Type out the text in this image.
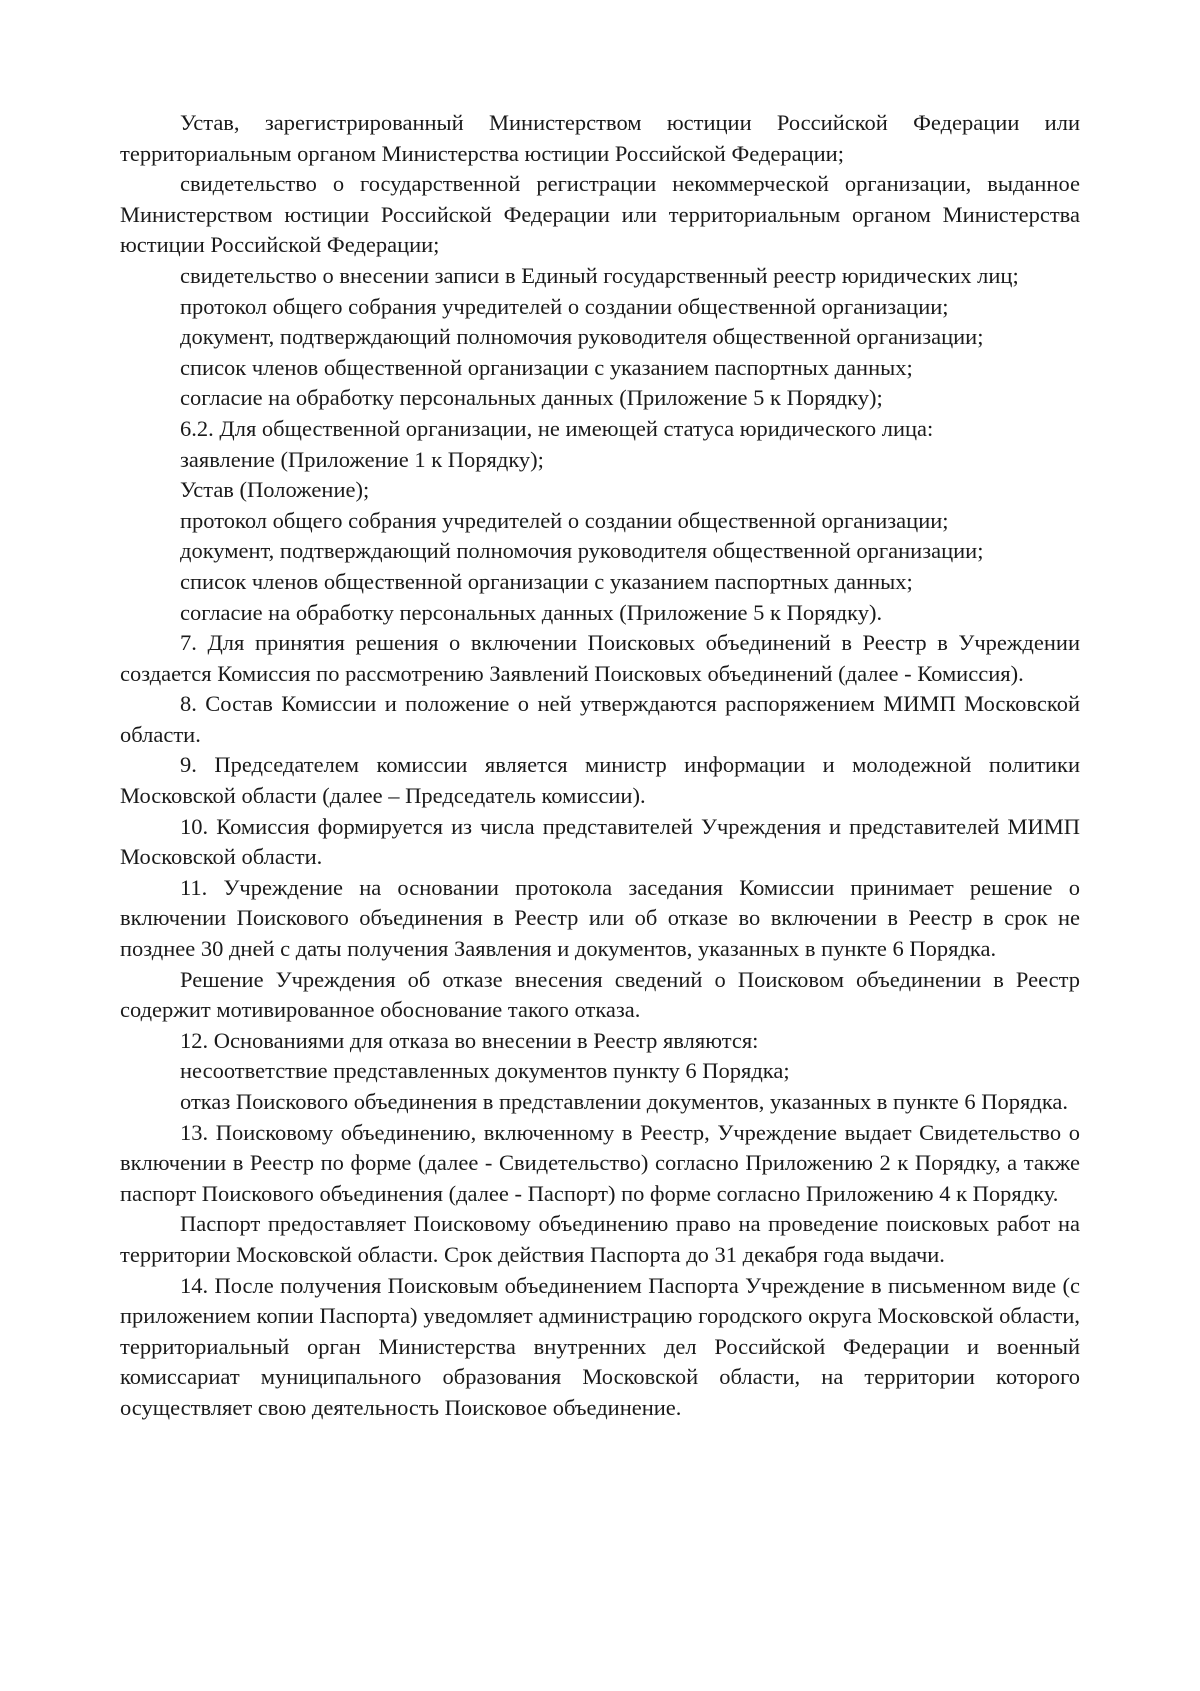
Устав, зарегистрированный Министерством юстиции Российской Федерации или территориальным органом Министерства юстиции Российской Федерации;

свидетельство о государственной регистрации некоммерческой организации, выданное Министерством юстиции Российской Федерации или территориальным органом Министерства юстиции Российской Федерации;

свидетельство о внесении записи в Единый государственный реестр юридических лиц;

протокол общего собрания учредителей о создании общественной организации;

документ, подтверждающий полномочия руководителя общественной организации;

список членов общественной организации с указанием паспортных данных;

согласие на обработку персональных данных (Приложение 5 к Порядку);

6.2. Для общественной организации, не имеющей статуса юридического лица:

заявление (Приложение 1 к Порядку);

Устав (Положение);

протокол общего собрания учредителей о создании общественной организации;

документ, подтверждающий полномочия руководителя общественной организации;

список членов общественной организации с указанием паспортных данных;

согласие на обработку персональных данных (Приложение 5 к Порядку).

7. Для принятия решения о включении Поисковых объединений в Реестр в Учреждении создается Комиссия по рассмотрению Заявлений Поисковых объединений (далее - Комиссия).

8. Состав Комиссии и положение о ней утверждаются распоряжением МИМП Московской области.

9. Председателем комиссии является министр информации и молодежной политики Московской области (далее – Председатель комиссии).

10. Комиссия формируется из числа представителей Учреждения и представителей МИМП Московской области.

11. Учреждение на основании протокола заседания Комиссии принимает решение о включении Поискового объединения в Реестр или об отказе во включении в Реестр в срок не позднее 30 дней с даты получения Заявления и документов, указанных в пункте 6 Порядка.

Решение Учреждения об отказе внесения сведений о Поисковом объединении в Реестр содержит мотивированное обоснование такого отказа.

12. Основаниями для отказа во внесении в Реестр являются:

несоответствие представленных документов пункту 6 Порядка;

отказ Поискового объединения в представлении документов, указанных в пункте 6 Порядка.

13. Поисковому объединению, включенному в Реестр, Учреждение выдает Свидетельство о включении в Реестр по форме (далее - Свидетельство) согласно Приложению 2 к Порядку, а также паспорт Поискового объединения (далее - Паспорт) по форме согласно Приложению 4 к Порядку.

Паспорт предоставляет Поисковому объединению право на проведение поисковых работ на территории Московской области. Срок действия Паспорта до 31 декабря года выдачи.

14. После получения Поисковым объединением Паспорта Учреждение в письменном виде (с приложением копии Паспорта) уведомляет администрацию городского округа Московской области, территориальный орган Министерства внутренних дел Российской Федерации и военный комиссариат муниципального образования Московской области, на территории которого осуществляет свою деятельность Поисковое объединение.
